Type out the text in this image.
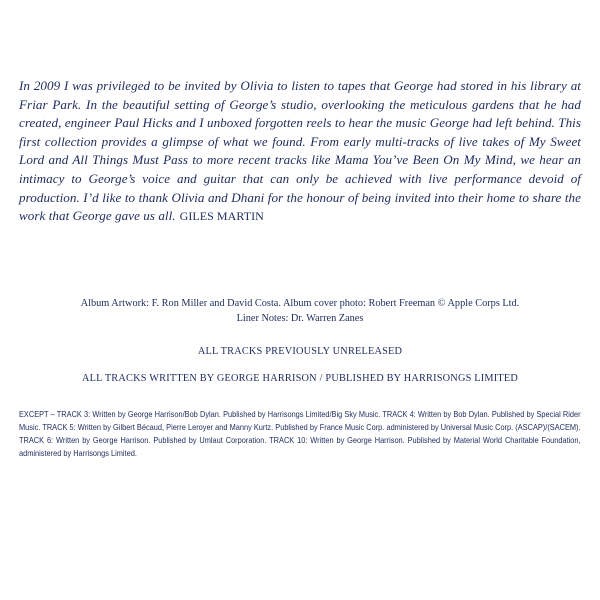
In 2009 I was privileged to be invited by Olivia to listen to tapes that George had stored in his library at Friar Park. In the beautiful setting of George’s studio, overlooking the meticulous gardens that he had created, engineer Paul Hicks and I unboxed forgotten reels to hear the music George had left behind. This first collection provides a glimpse of what we found. From early multi-tracks of live takes of My Sweet Lord and All Things Must Pass to more recent tracks like Mama You’ve Been On My Mind, we hear an intimacy to George’s voice and guitar that can only be achieved with live performance devoid of production. I’d like to thank Olivia and Dhani for the honour of being invited into their home to share the work that George gave us all. GILES MARTIN

Album Artwork: F. Ron Miller and David Costa. Album cover photo: Robert Freeman © Apple Corps Ltd.

Liner Notes: Dr. Warren Zanes

ALL TRACKS PREVIOUSLY UNRELEASED
ALL TRACKS WRITTEN BY GEORGE HARRISON / PUBLISHED BY HARRISONGS LIMITED

EXCEPT – TRACK 3: Written by George Harrison/Bob Dylan. Published by Harrisongs Limited/Big Sky Music. TRACK 4: Written by Bob Dylan. Published by Special Rider Music. TRACK 5: Written by Gilbert Bécaud, Pierre Leroyer and Manny Kurtz. Published by France Music Corp. administered by Universal Music Corp. (ASCAP)/(SACEM). TRACK 6: Written by George Harrison. Published by Umlaut Corporation. TRACK 10: Written by George Harrison. Published by Material World Charitable Foundation, administered by Harrisongs Limited.
